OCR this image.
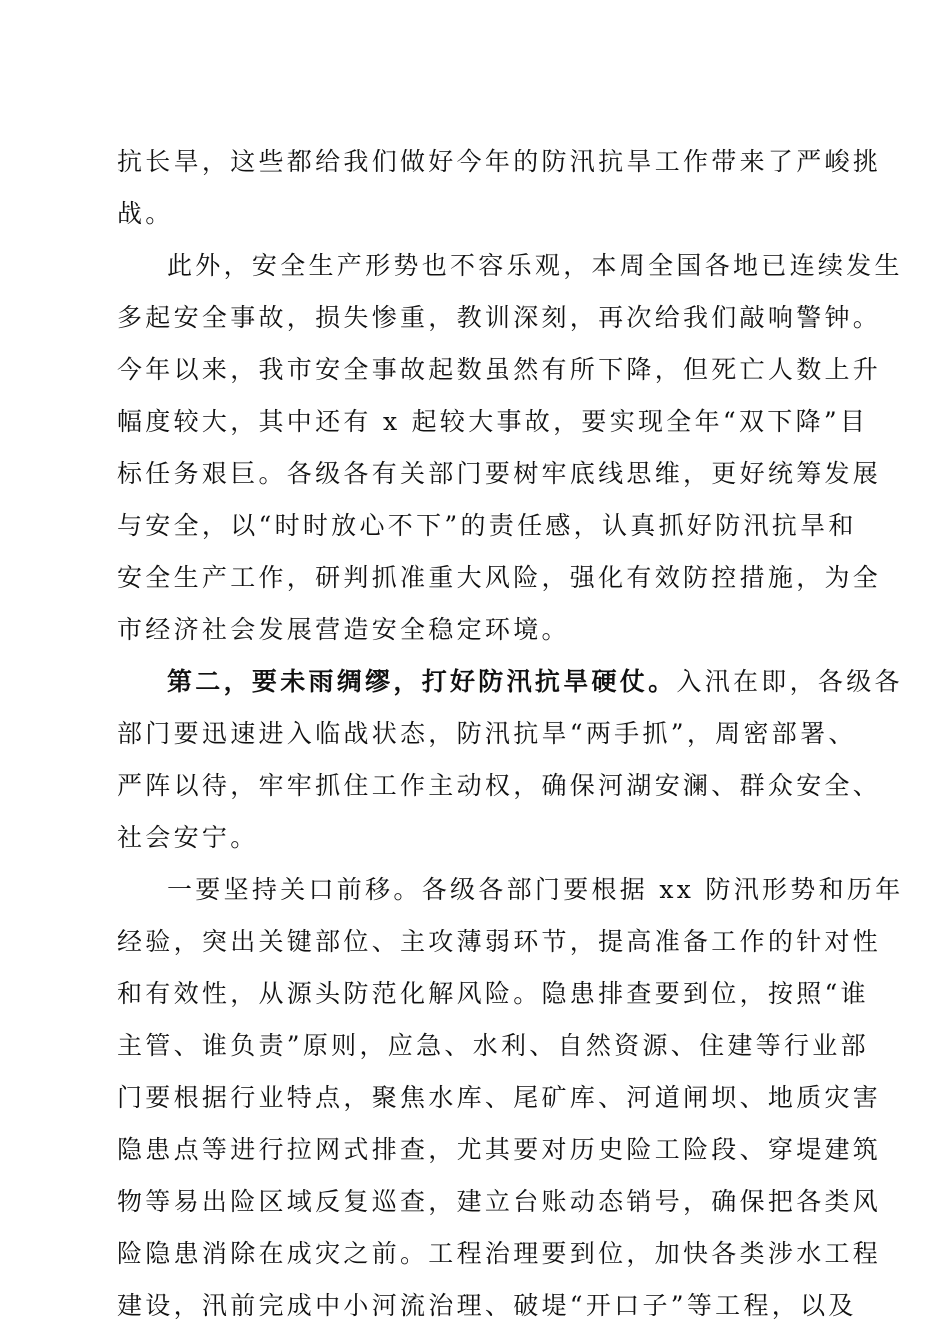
抗长旱，这些都给我们做好今年的防汛抗旱工作带来了严峻挑
战。
此外，安全生产形势也不容乐观，本周全国各地已连续发生
多起安全事故，损失惨重，教训深刻，再次给我们敲响警钟。
今年以来，我市安全事故起数虽然有所下降，但死亡人数上升
幅度较大，其中还有 x 起较大事故，要实现全年“双下降”目
标任务艰巨。各级各有关部门要树牢底线思维，更好统筹发展
与安全，以“时时放心不下”的责任感，认真抓好防汛抗旱和
安全生产工作，研判抓准重大风险，强化有效防控措施，为全
市经济社会发展营造安全稳定环境。
第二，要未雨绸缪，打好防汛抗旱硬仗。入汛在即，各级各
部门要迅速进入临战状态，防汛抗旱“两手抓”，周密部署、
严阵以待，牢牢抓住工作主动权，确保河湖安澜、群众安全、
社会安宁。
一要坚持关口前移。各级各部门要根据 xx 防汛形势和历年
经验，突出关键部位、主攻薄弱环节，提高准备工作的针对性
和有效性，从源头防范化解风险。隐患排查要到位，按照“谁
主管、谁负责”原则，应急、水利、自然资源、住建等行业部
门要根据行业特点，聚焦水库、尾矿库、河道闸坝、地质灾害
隐患点等进行拉网式排查，尤其要对历史险工险段、穿堤建筑
物等易出险区域反复巡查，建立台账动态销号，确保把各类风
险隐患消除在成灾之前。工程治理要到位，加快各类涉水工程
建设，汛前完成中小河流治理、破堤“开口子”等工程，以及
